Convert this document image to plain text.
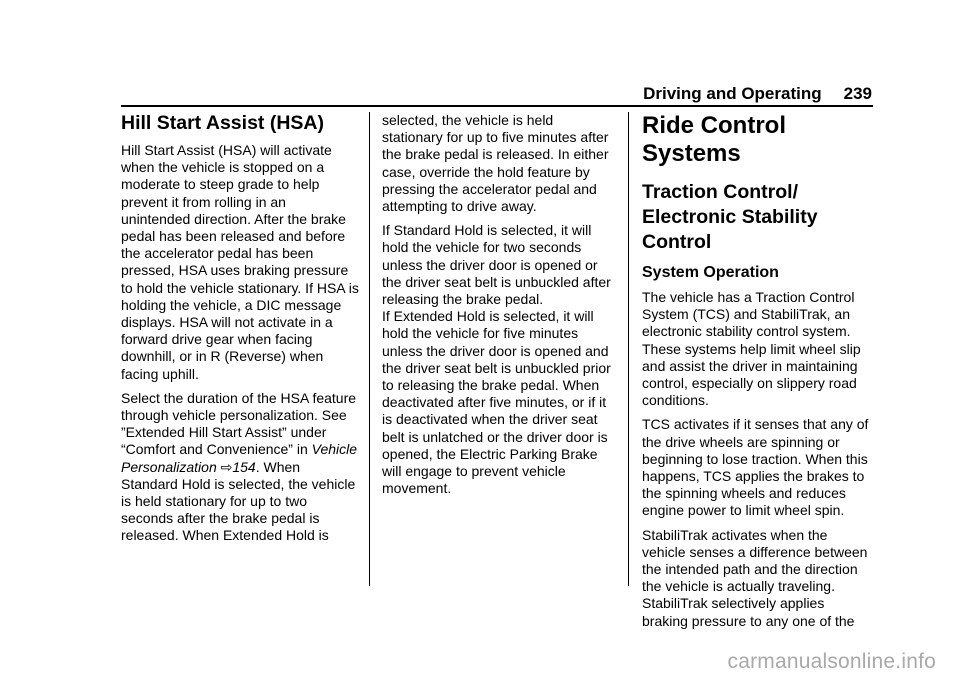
Driving and Operating 239
Hill Start Assist (HSA)

Hill Start Assist (HSA) will activate when the vehicle is stopped on a moderate to steep grade to help prevent it from rolling in an unintended direction. After the brake pedal has been released and before the accelerator pedal has been pressed, HSA uses braking pressure to hold the vehicle stationary. If HSA is holding the vehicle, a DIC message displays. HSA will not activate in a forward drive gear when facing downhill, or in R (Reverse) when facing uphill.

Select the duration of the HSA feature through vehicle personalization. See ”Extended Hill Start Assist” under “Comfort and Convenience” in Vehicle Personalization ⇨154. When Standard Hold is selected, the vehicle is held stationary for up to two seconds after the brake pedal is released. When Extended Hold is

selected, the vehicle is held stationary for up to five minutes after the brake pedal is released. In either case, override the hold feature by pressing the accelerator pedal and attempting to drive away.

If Standard Hold is selected, it will hold the vehicle for two seconds unless the driver door is opened or the driver seat belt is unbuckled after releasing the brake pedal.
If Extended Hold is selected, it will hold the vehicle for five minutes unless the driver door is opened and the driver seat belt is unbuckled prior to releasing the brake pedal. When deactivated after five minutes, or if it is deactivated when the driver seat belt is unlatched or the driver door is opened, the Electric Parking Brake will engage to prevent vehicle movement.

Ride Control Systems
Traction Control/ Electronic Stability Control
System Operation

The vehicle has a Traction Control System (TCS) and StabiliTrak, an electronic stability control system. These systems help limit wheel slip and assist the driver in maintaining control, especially on slippery road conditions.

TCS activates if it senses that any of the drive wheels are spinning or beginning to lose traction. When this happens, TCS applies the brakes to the spinning wheels and reduces engine power to limit wheel spin.

StabiliTrak activates when the vehicle senses a difference between the intended path and the direction the vehicle is actually traveling. StabiliTrak selectively applies braking pressure to any one of the

carmanualsonline.info
